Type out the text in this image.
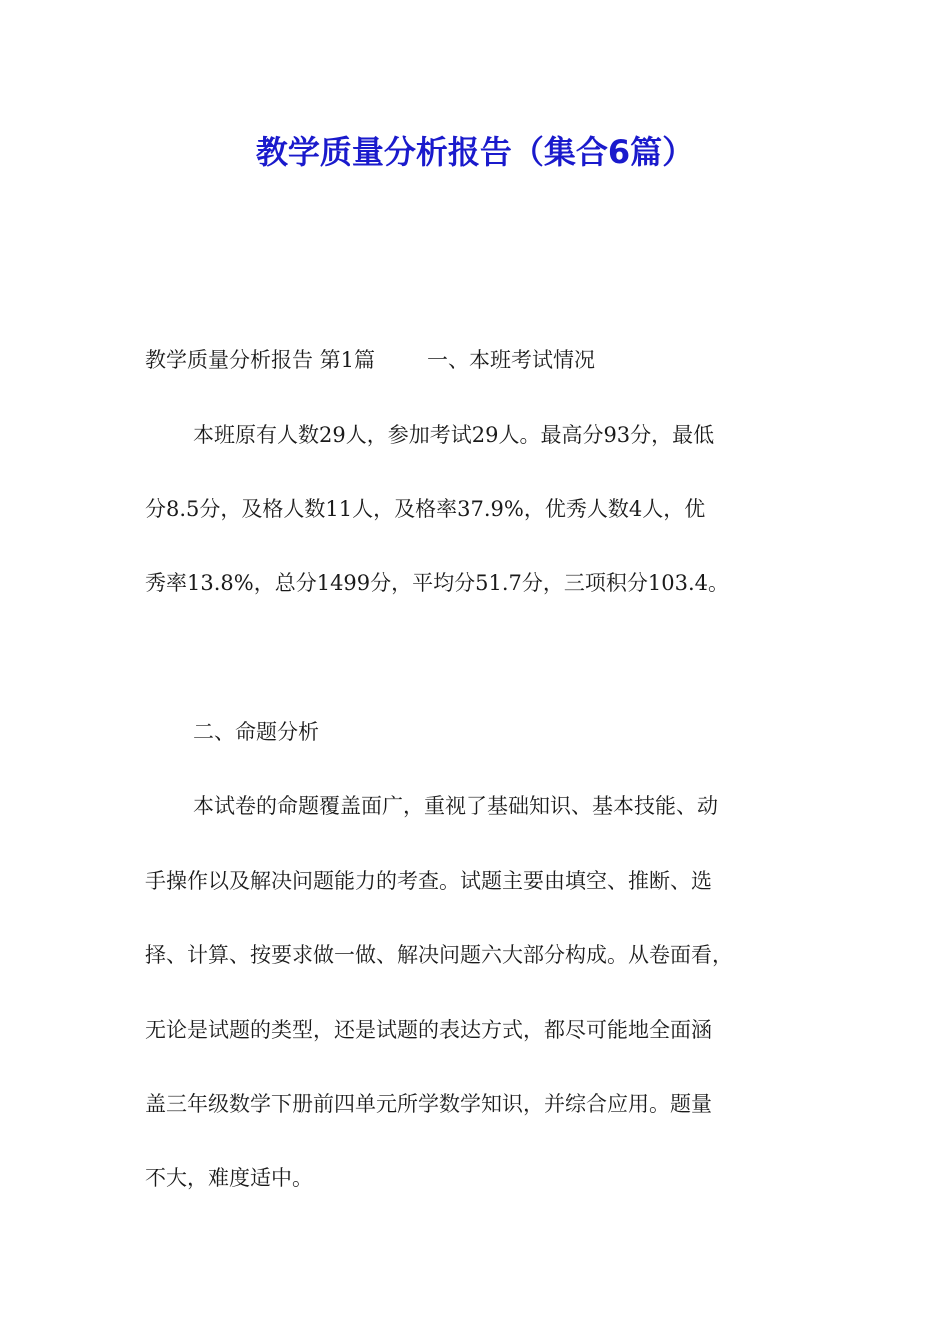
教学质量分析报告（集合6篇）

教学质量分析报告 第1篇 一、本班考试情况

本班原有人数29人，参加考试29人。最高分93分，最低

分8.5分，及格人数11人，及格率37.9%，优秀人数4人，优

秀率13.8%，总分1499分，平均分51.7分，三项积分103.4。

二、命题分析

本试卷的命题覆盖面广，重视了基础知识、基本技能、动

手操作以及解决问题能力的考查。试题主要由填空、推断、选

择、计算、按要求做一做、解决问题六大部分构成。从卷面看，

无论是试题的类型，还是试题的表达方式，都尽可能地全面涵

盖三年级数学下册前四单元所学数学知识，并综合应用。题量

不大，难度适中。
